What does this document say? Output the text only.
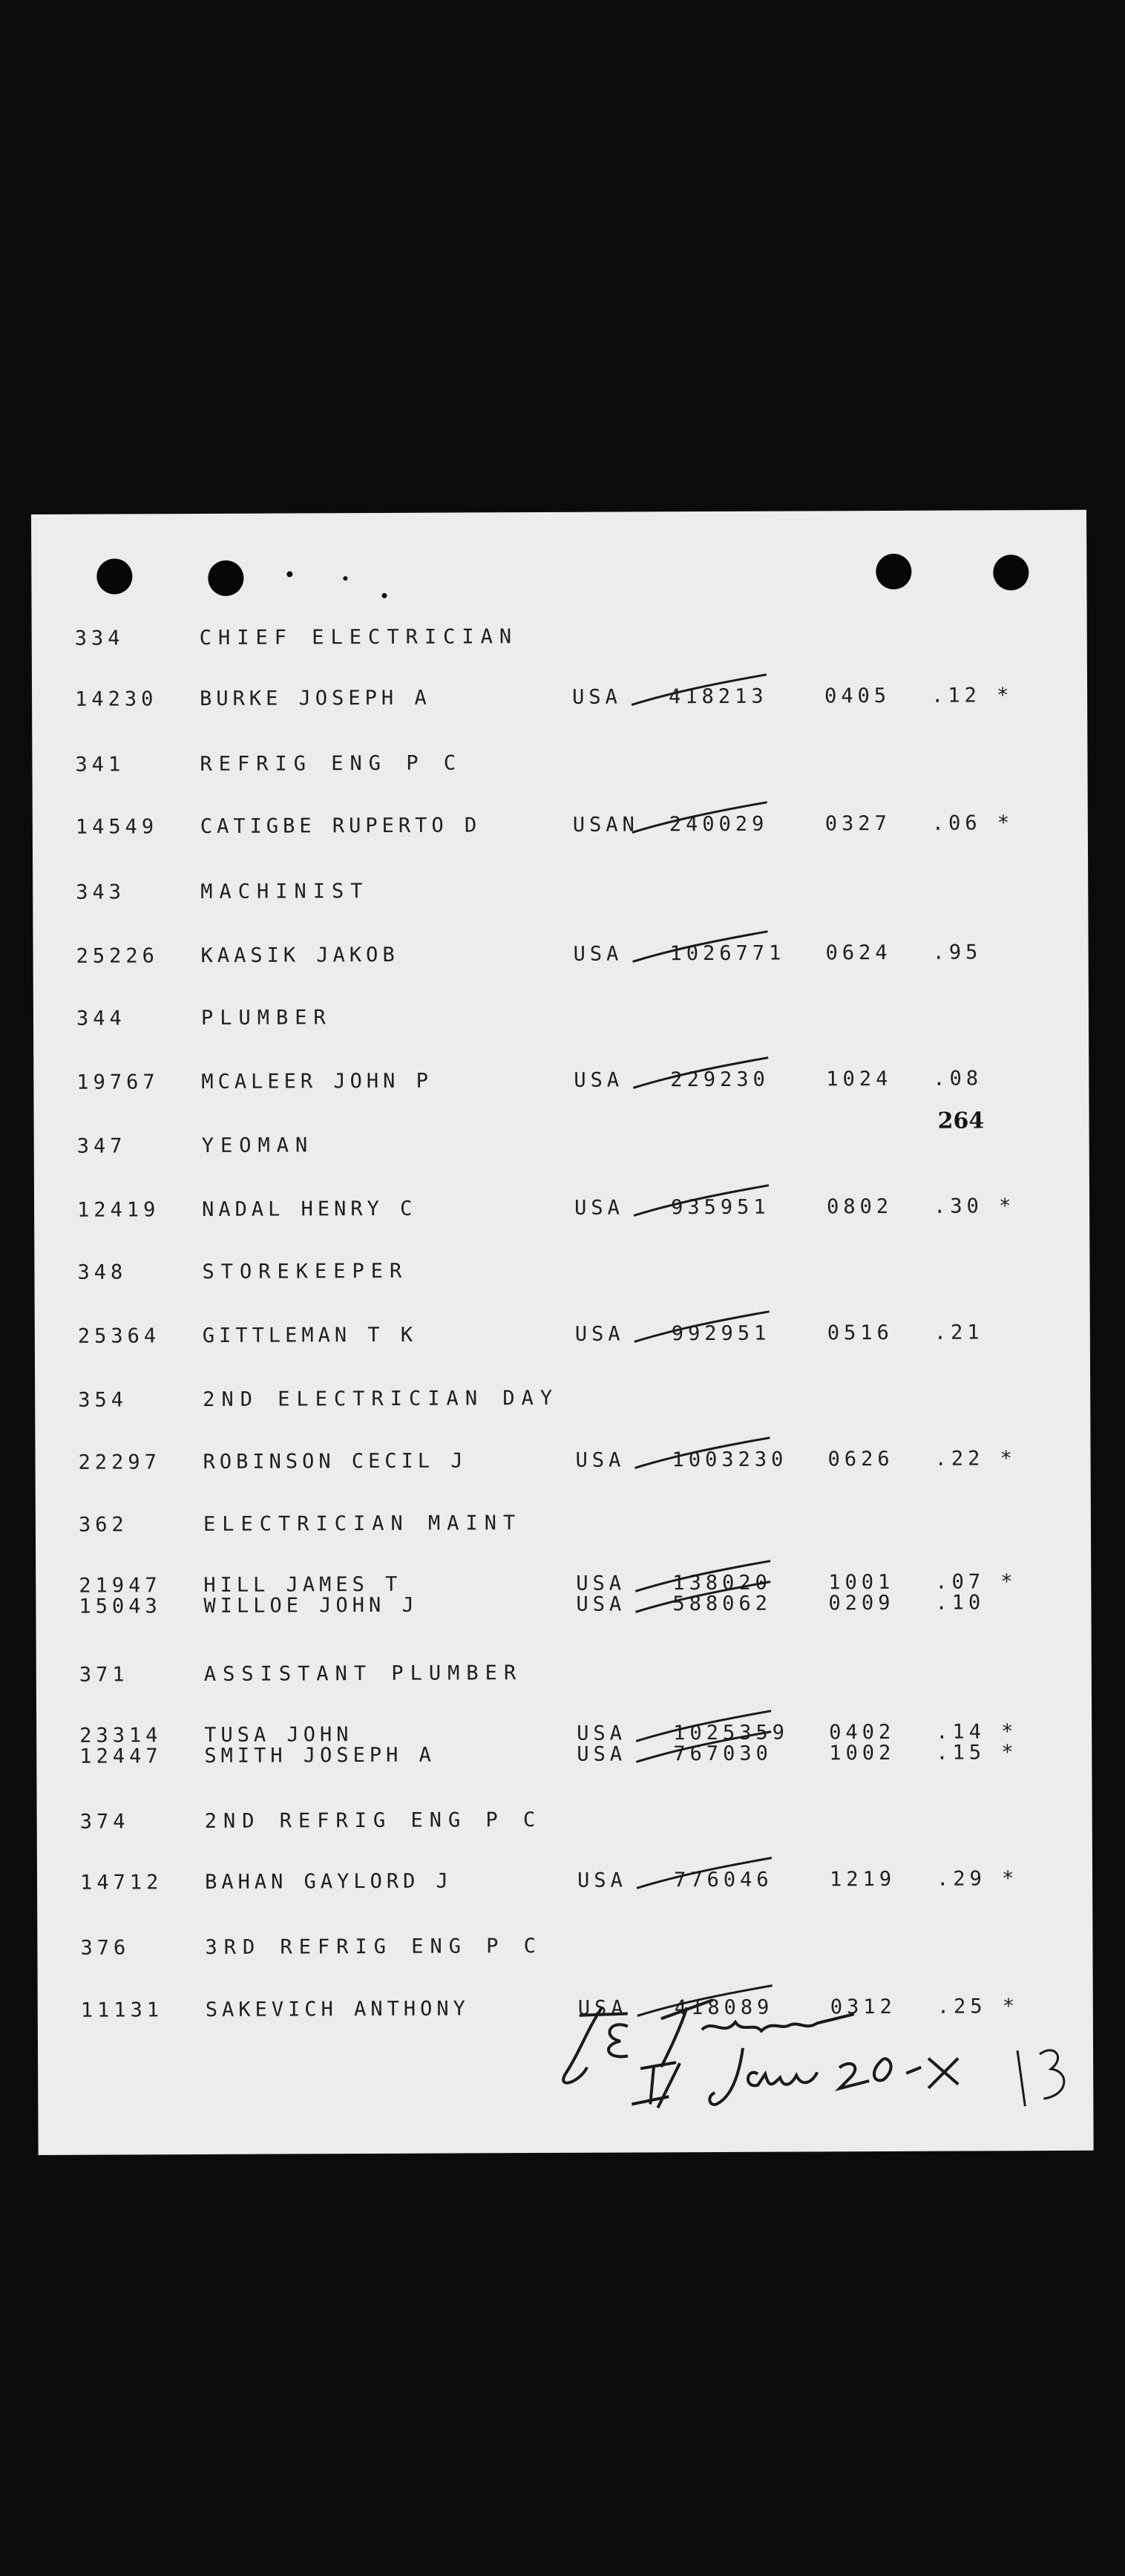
334	CHIEF ELECTRICIAN
14230 BURKE JOSEPH A	USA 418213	0405 .12 *
341	REFRIG ENG P C
14549 CATIGBE RUPERTO D	USAN 240029	0327 .06 *
343	MACHINIST
25226 KAASIK JAKOB	USA 1026771 0624 .95
344	PLUMBER
19767 MCALEER JOHN P	USA 229230	1024 .08
347	YEOMAN
12419 NADAL HENRY C	USA 935951	0802 .30 *
348	STOREKEEPER
25364 GITTLEMAN T K	USA 992951	0516 .21
354	2ND ELECTRICIAN DAY
22297 ROBINSON CECIL J	USA 1003230 0626 .22 *
362	ELECTRICIAN MAINT
21947 HILL JAMES T	USA 138020	1001 .07 *
15043 WILLOE JOHN J	USA 588062	0209 .10
371	ASSISTANT PLUMBER
23314 TUSA JOHN	USA 1025359 0402 .14 *
12447 SMITH JOSEPH A	USA 767030	1002 .15 *
374	2ND REFRIG ENG P C
14712 BAHAN GAYLORD J	USA 776046	1219 .29 *
376	3RD REFRIG ENG P C
11131 SAKEVICH ANTHONY	USA 418089	0312 .25 *
264
